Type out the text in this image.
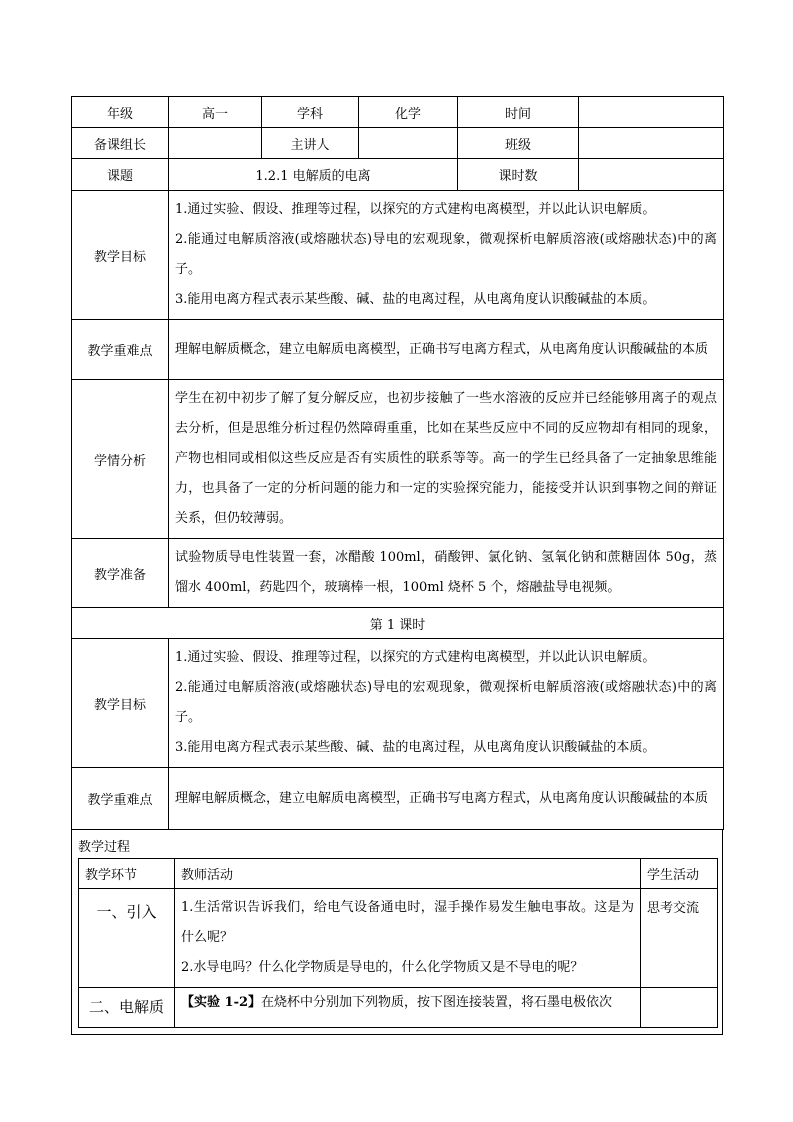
年级	高一	学科	化学	时间	
备课组长		主讲人		班级	
课题	1.2.1 电解质的电离			课时数	
教学目标	1.通过实验、假设、推理等过程，以探究的方式建构电离模型，并以此认识电解质。
2.能通过电解质溶液(或熔融状态)导电的宏观现象，微观探析电解质溶液(或熔融状态)中的离子。
3.能用电离方程式表示某些酸、碱、盐的电离过程，从电离角度认识酸碱盐的本质。				

教学重难点	理解电解质概念，建立电解质电离模型，正确书写电离方程式，从电离角度认识酸碱盐的本质				

学情分析	学生在初中初步了解了复分解反应，也初步接触了一些水溶液的反应并已经能够用离子的观点去分析，但是思维分析过程仍然障碍重重，比如在某些反应中不同的反应物却有相同的现象，产物也相同或相似这些反应是否有实质性的联系等等。高一的学生已经具备了一定抽象思维能力，也具备了一定的分析问题的能力和一定的实验探究能力，能接受并认识到事物之间的辩证关系，但仍较薄弱。				

教学准备	试验物质导电性装置一套，冰醋酸 100ml，硝酸钾、氯化钠、氢氧化钠和蔗糖固体 50g，蒸馏水 400ml，药匙四个，玻璃棒一根，100ml 烧杯 5 个，熔融盐导电视频。				

第 1 课时					
教学目标	1.通过实验、假设、推理等过程，以探究的方式建构电离模型，并以此认识电解质。
2.能通过电解质溶液(或熔融状态)导电的宏观现象，微观探析电解质溶液(或熔融状态)中的离子。
3.能用电离方程式表示某些酸、碱、盐的电离过程，从电离角度认识酸碱盐的本质。				

教学重难点	理解电解质概念，建立电解质电离模型，正确书写电离方程式，从电离角度认识酸碱盐的本质				
教学过程
教学环节	教师活动	学生活动
一、引入	1.生活常识告诉我们，给电气设备通电时，湿手操作易发生触电事故。这是为什么呢？
2.水导电吗？什么化学物质是导电的，什么化学物质又是不导电的呢？	思考交流
二、电解质	【实验 1-2】在烧杯中分别加下列物质，按下图连接装置，将石墨电极依次	
